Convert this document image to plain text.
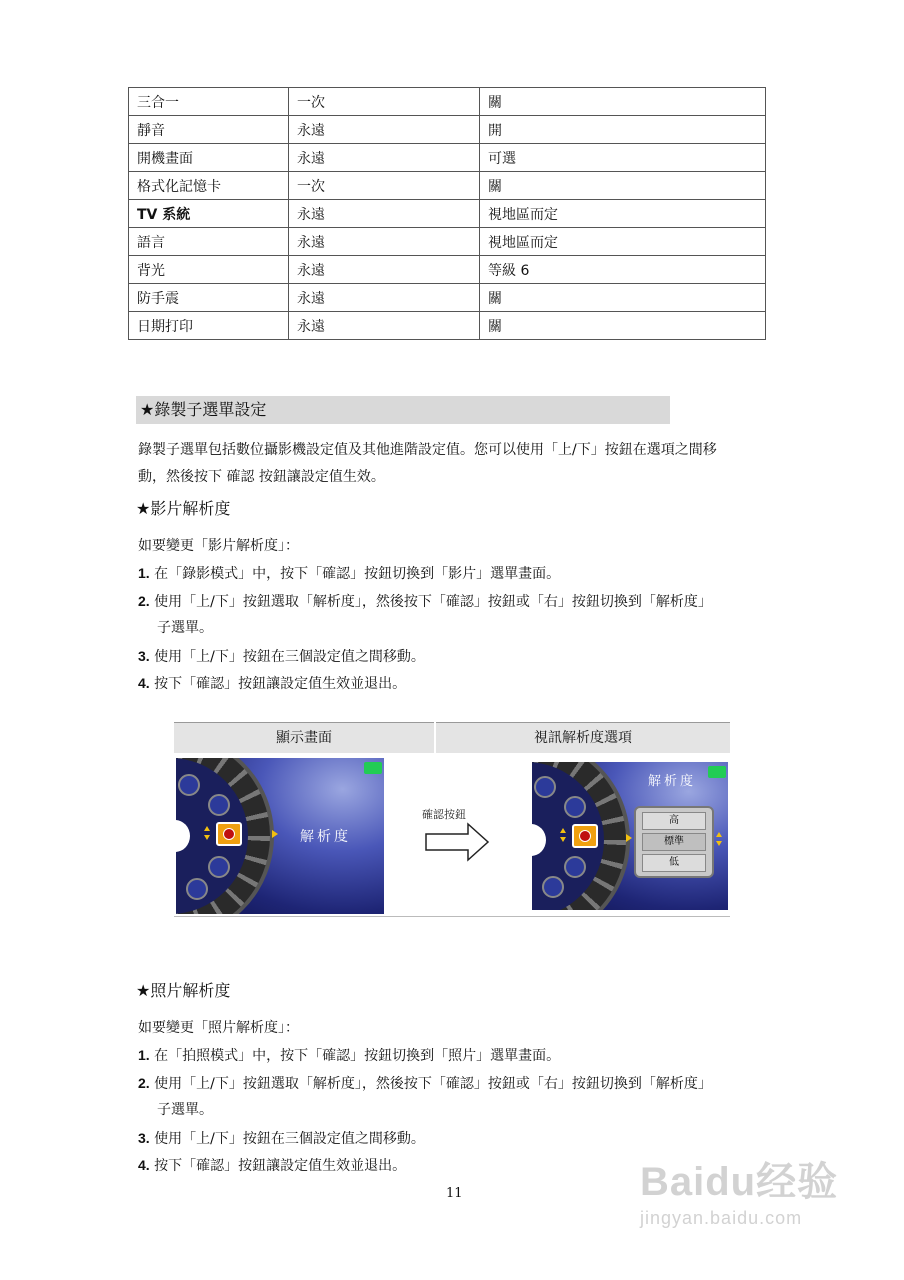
三合一	一次	關
靜音	永遠	開
開機畫面	永遠	可選
格式化記憶卡	一次	關
TV 系統	永遠	視地區而定
語言	永遠	視地區而定
背光	永遠	等級 6
防手震	永遠	關
日期打印	永遠	關
★錄製子選單設定
錄製子選單包括數位攝影機設定值及其他進階設定值。您可以使用「上/下」按鈕在選項之間移
動，然後按下 確認 按鈕讓設定值生效。
★影片解析度
如要變更「影片解析度」：
1. 在「錄影模式」中，按下「確認」按鈕切換到「影片」選單畫面。
2. 使用「上/下」按鈕選取「解析度」，然後按下「確認」按鈕或「右」按鈕切換到「解析度」
子選單。
3. 使用「上/下」按鈕在三個設定值之間移動。
4. 按下「確認」按鈕讓設定值生效並退出。
顯示畫面	視訊解析度選項
解析度
確認按鈕
解析度
高
標準
低
★照片解析度
如要變更「照片解析度」：
1. 在「拍照模式」中，按下「確認」按鈕切換到「照片」選單畫面。
2. 使用「上/下」按鈕選取「解析度」，然後按下「確認」按鈕或「右」按鈕切換到「解析度」
子選單。
3. 使用「上/下」按鈕在三個設定值之間移動。
4. 按下「確認」按鈕讓設定值生效並退出。
11	Baidu经验
jingyan.baidu.com
